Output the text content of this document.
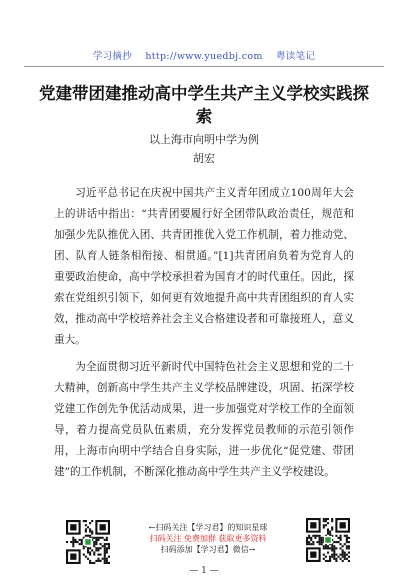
学习摘抄 http://www.yuedbj.com 粤读笔记
党建带团建推动高中学生共产主义学校实践探索
以上海市向明中学为例
胡宏

习近平总书记在庆祝中国共产主义青年团成立100周年大会上的讲话中指出：“共青团要履行好全团带队政治责任，规范和加强少先队推优入团、共青团推优入党工作机制，着力推动党、团、队育人链条相衔接、相贯通。”[1]共青团肩负着为党育人的重要政治使命，高中学校承担着为国育才的时代重任。因此，探索在党组织引领下，如何更有效地提升高中共青团组织的育人实效，推动高中学校培养社会主义合格建设者和可靠接班人，意义重大。

为全面贯彻习近平新时代中国特色社会主义思想和党的二十大精神，创新高中学生共产主义学校品牌建设，巩固、拓深学校党建工作创先争优活动成果，进一步加强党对学校工作的全面领导，着力提高党员队伍素质，充分发挥党员教师的示范引领作用，上海市向明中学结合自身实际，进一步优化“促党建、带团建”的工作机制，不断深化推动高中学生共产主义学校建设。

←扫码关注【学习君】的知识星球
扫码关注 免费加群 获取更多资料
扫码添加【学习君】微信→
— 1 —
